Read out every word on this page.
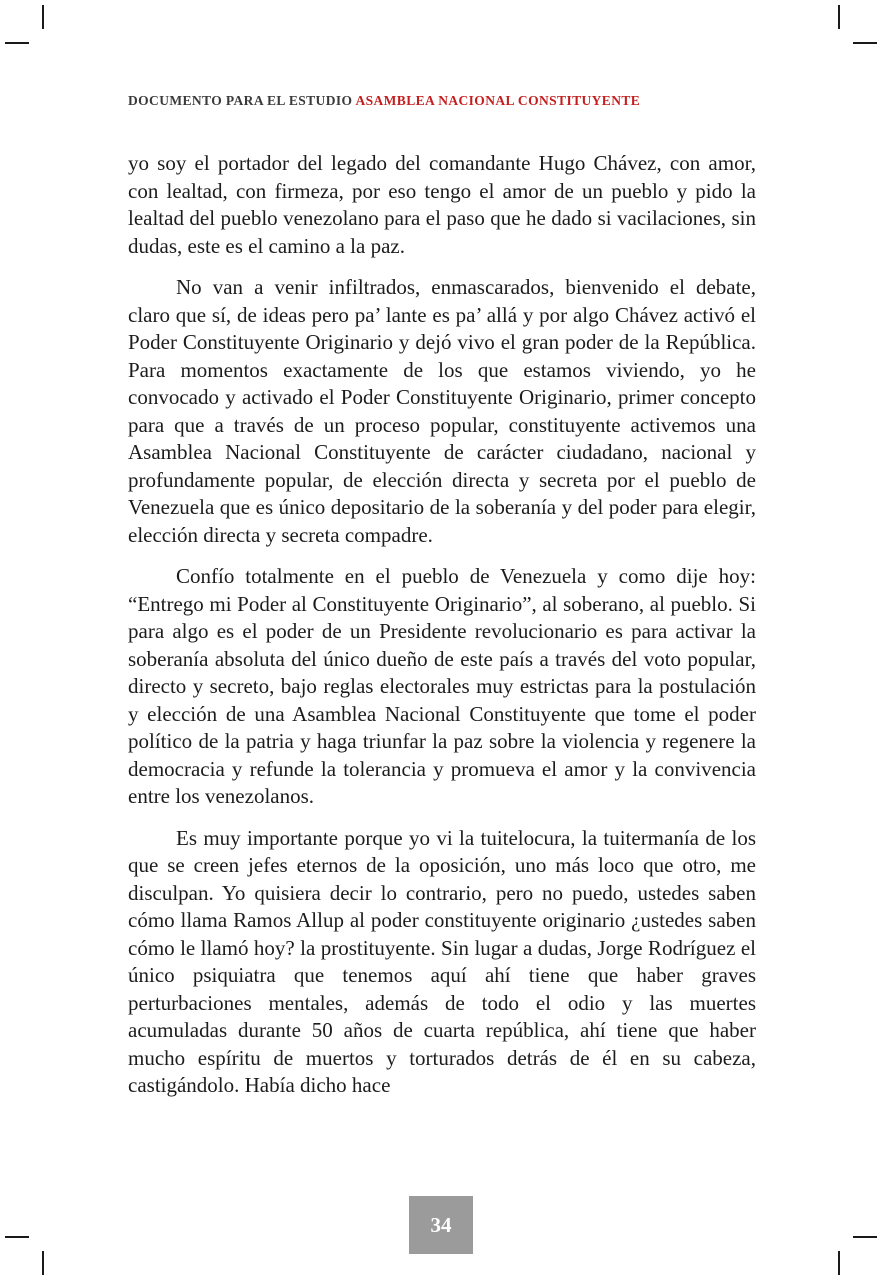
DOCUMENTO PARA EL ESTUDIO ASAMBLEA NACIONAL CONSTITUYENTE

yo soy el portador del legado del comandante Hugo Chávez, con amor, con lealtad, con firmeza, por eso tengo el amor de un pueblo y pido la lealtad del pueblo venezolano para el paso que he dado si vacilaciones, sin dudas, este es el camino a la paz.

No van a venir infiltrados, enmascarados, bienvenido el debate, claro que sí, de ideas pero pa’ lante es pa’ allá y por algo Chávez activó el Poder Constituyente Originario y dejó vivo el gran poder de la República. Para momentos exactamente de los que estamos viviendo, yo he convocado y activado el Poder Constituyente Originario, primer concepto para que a través de un proceso popular, constituyente activemos una Asamblea Nacional Constituyente de carácter ciudadano, nacional y profundamente popular, de elección directa y secreta por el pueblo de Venezuela que es único depositario de la soberanía y del poder para elegir, elección directa y secreta compadre.

Confío totalmente en el pueblo de Venezuela y como dije hoy: “Entrego mi Poder al Constituyente Originario”, al soberano, al pueblo. Si para algo es el poder de un Presidente revolucionario es para activar la soberanía absoluta del único dueño de este país a través del voto popular, directo y secreto, bajo reglas electorales muy estrictas para la postulación y elección de una Asamblea Nacional Constituyente que tome el poder político de la patria y haga triunfar la paz sobre la violencia y regenere la democracia y refunde la tolerancia y promueva el amor y la convivencia entre los venezolanos.

Es muy importante porque yo vi la tuitelocura, la tuitermanía de los que se creen jefes eternos de la oposición, uno más loco que otro, me disculpan. Yo quisiera decir lo contrario, pero no puedo, ustedes saben cómo llama Ramos Allup al poder constituyente originario ¿ustedes saben cómo le llamó hoy? la prostituyente. Sin lugar a dudas, Jorge Rodríguez el único psiquiatra que tenemos aquí ahí tiene que haber graves perturbaciones mentales, además de todo el odio y las muertes acumuladas durante 50 años de cuarta república, ahí tiene que haber mucho espíritu de muertos y torturados detrás de él en su cabeza, castigándolo. Había dicho hace

34
